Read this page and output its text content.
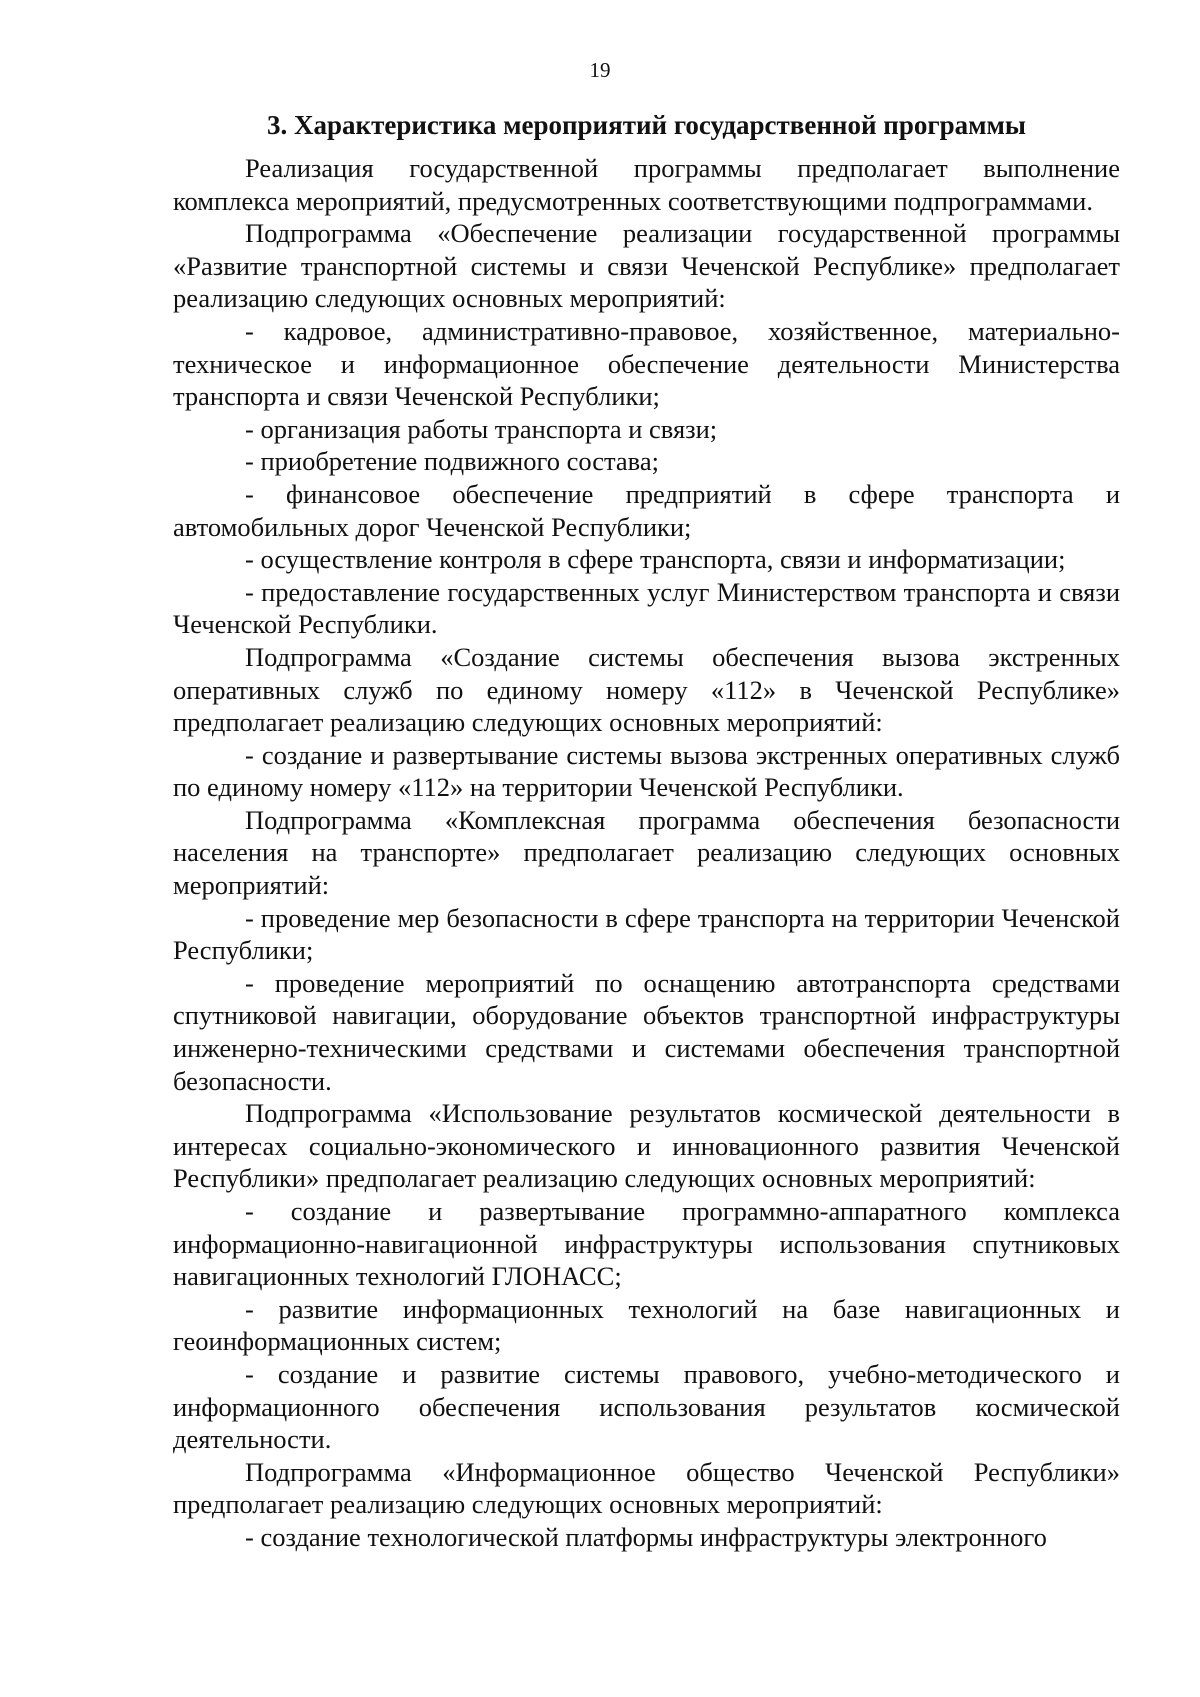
19
3. Характеристика мероприятий государственной программы

Реализация государственной программы предполагает выполнение комплекса мероприятий, предусмотренных соответствующими подпрограммами.

Подпрограмма «Обеспечение реализации государственной программы «Развитие транспортной системы и связи Чеченской Республике» предполагает реализацию следующих основных мероприятий:

- кадровое, административно-правовое, хозяйственное, материально-техническое и информационное обеспечение деятельности Министерства транспорта и связи Чеченской Республики;

- организация работы транспорта и связи;

- приобретение подвижного состава;

- финансовое обеспечение предприятий в сфере транспорта и автомобильных дорог Чеченской Республики;

- осуществление контроля в сфере транспорта, связи и информатизации;

- предоставление государственных услуг Министерством транспорта и связи Чеченской Республики.

Подпрограмма «Создание системы обеспечения вызова экстренных оперативных служб по единому номеру «112» в Чеченской Республике» предполагает реализацию следующих основных мероприятий:

- создание и развертывание системы вызова экстренных оперативных служб по единому номеру «112» на территории Чеченской Республики.

Подпрограмма «Комплексная программа обеспечения безопасности населения на транспорте» предполагает реализацию следующих основных мероприятий:

- проведение мер безопасности в сфере транспорта на территории Чеченской Республики;

- проведение мероприятий по оснащению автотранспорта средствами спутниковой навигации, оборудование объектов транспортной инфраструктуры инженерно-техническими средствами и системами обеспечения транспортной безопасности.

Подпрограмма «Использование результатов космической деятельности в интересах социально-экономического и инновационного развития Чеченской Республики» предполагает реализацию следующих основных мероприятий:

- создание и развертывание программно-аппаратного комплекса информационно-навигационной инфраструктуры использования спутниковых навигационных технологий ГЛОНАСС;

- развитие информационных технологий на базе навигационных и геоинформационных систем;

- создание и развитие системы правового, учебно-методического и информационного обеспечения использования результатов космической деятельности.

Подпрограмма «Информационное общество Чеченской Республики» предполагает реализацию следующих основных мероприятий:

- создание технологической платформы инфраструктуры электронного
